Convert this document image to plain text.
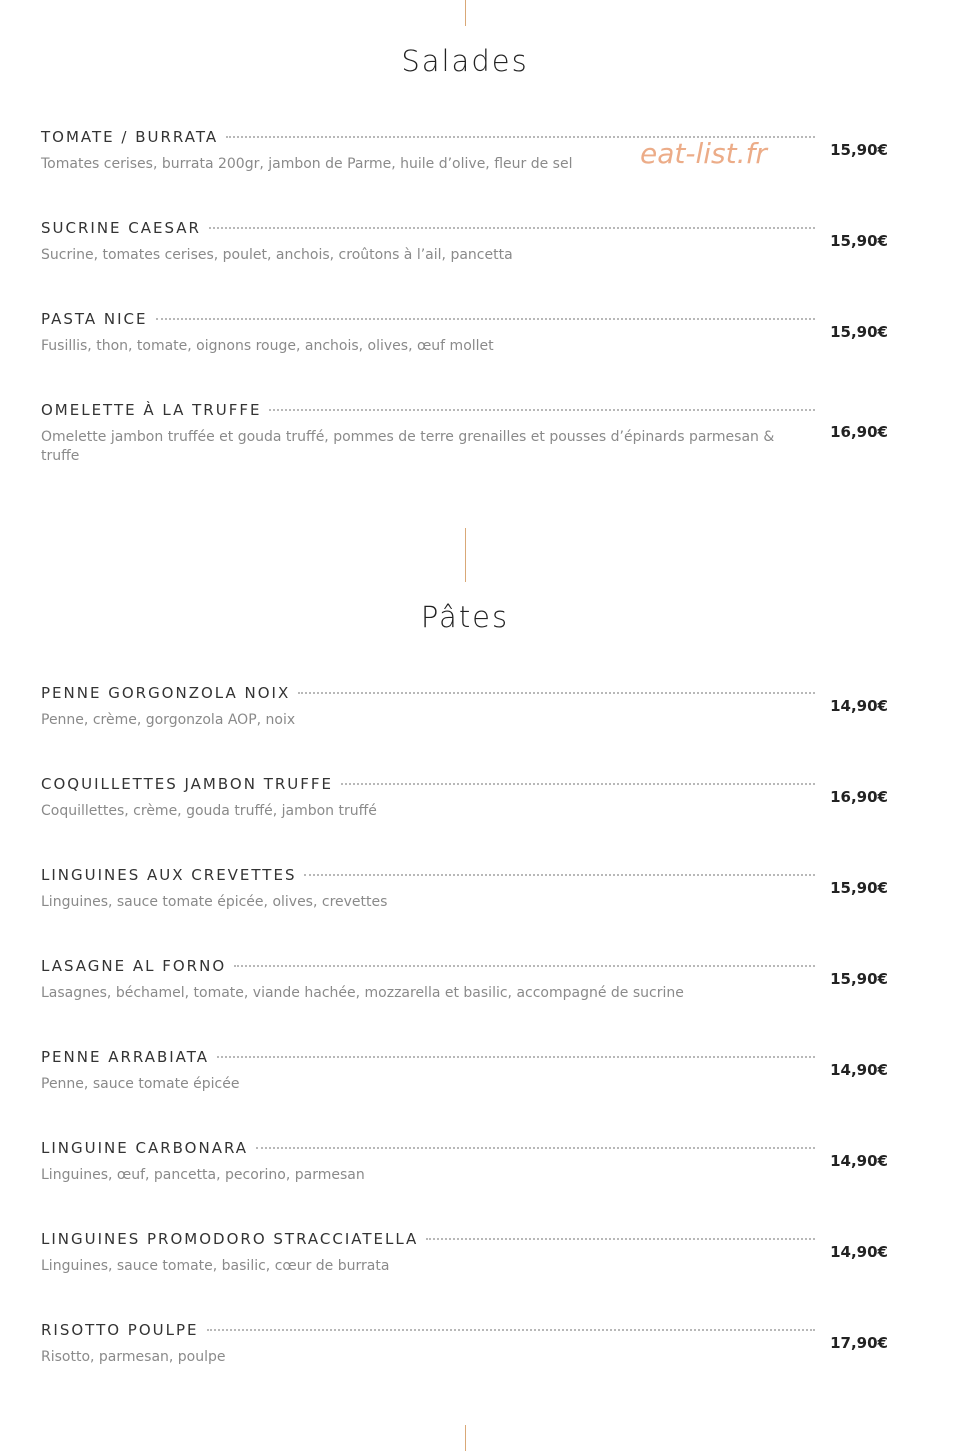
Salades
TOMATE / BURRATA
Tomates cerises, burrata 200gr, jambon de Parme, huile d’olive, fleur de sel
15,90€
SUCRINE CAESAR
Sucrine, tomates cerises, poulet, anchois, croûtons à l’ail, pancetta
15,90€
PASTA NICE
Fusillis, thon, tomate, oignons rouge, anchois, olives, œuf mollet
15,90€
OMELETTE À LA TRUFFE
Omelette jambon truffée et gouda truffé, pommes de terre grenailles et pousses d’épinards parmesan & truffe
16,90€
eat-list.fr
Pâtes
PENNE GORGONZOLA NOIX
Penne, crème, gorgonzola AOP, noix
14,90€
COQUILLETTES JAMBON TRUFFE
Coquillettes, crème, gouda truffé, jambon truffé
16,90€
LINGUINES AUX CREVETTES
Linguines, sauce tomate épicée, olives, crevettes
15,90€
LASAGNE AL FORNO
Lasagnes, béchamel, tomate, viande hachée, mozzarella et basilic, accompagné de sucrine
15,90€
PENNE ARRABIATA
Penne, sauce tomate épicée
14,90€
LINGUINE CARBONARA
Linguines, œuf, pancetta, pecorino, parmesan
14,90€
LINGUINES PROMODORO STRACCIATELLA
Linguines, sauce tomate, basilic, cœur de burrata
14,90€
RISOTTO POULPE
Risotto, parmesan, poulpe
17,90€
